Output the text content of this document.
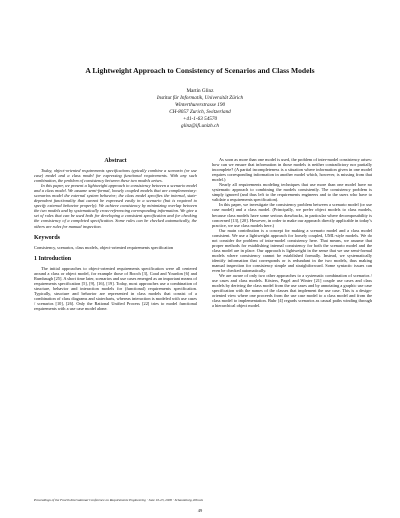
A Lightweight Approach to Consistency of Scenarios and Class Models
Martin Glinz
Institut für Informatik, Universität Zürich
Winterthurerstrasse 190
CH-8057 Zurich, Switzerland
+41-1-63 54570
glinz@ifi.unizh.ch
Abstract

Today, object-oriented requirements specifications typically combine a scenario (or use case) model and a class model for expressing functional requirements. With any such combination, the problem of consistency between these two models arises.

In this paper, we present a lightweight approach to consistency between a scenario model and a class model. We assume semi-formal, loosely coupled models that are complementary: scenarios model the external system behavior; the class model specifies the internal, state-dependent functionality that cannot be expressed easily in a scenario (but is required to specify external behavior properly). We achieve consistency by minimizing overlap between the two models and by systematically cross-referencing corresponding information. We give a set of rules that can be used both for developing a consistent specification and for checking the consistency of a completed specification. Some rules can be checked automatically, the others are rules for manual inspection.

Keywords

Consistency, scenarios, class models, object-oriented requirements specification

1 Introduction

The initial approaches to object-oriented requirements specification were all centered around a class or object model, for example those of Booch [3], Coad and Yourdon [6] and Rumbaugh [25]. A short time later, scenarios and use cases emerged as an important means of requirements specification [5], [9], [16], [19]. Today, most approaches use a combination of structure, behavior and interaction models for (functional) requirements specification. Typically, structure and behavior are represented in class models that consist of a combination of class diagrams and statecharts, whereas interaction is modeled with use cases / scenarios [10], [26]. Only the Rational Unified Process [22] tries to model functional requirements with a use case model alone.

As soon as more than one model is used, the problem of inter-model consistency arises: how can we ensure that information in those models is neither contradictory nor partially incomplete? (A partial incompleteness is a situation where information given in one model requires corresponding information in another model which, however, is missing from that model.)

Nearly all requirements modeling techniques that use more than one model have no systematic approach to combining the models consistently. The consistency problem is simply ignored (and thus left to the requirements engineers and to the users who have to validate a requirements specification).

In this paper, we investigate the consistency problem between a scenario model (or use case model) and a class model. (Principally, we prefer object models to class models, because class models have some serious drawbacks, in particular where decomposability is concerned [13], [20]. However, in order to make our approach directly applicable in today’s practice, we use class models here.)

Our main contribution is a concept for making a scenario model and a class model consistent. We use a lightweight approach for loosely coupled, UML-style models. We do not consider the problem of intra-model consistency here. That means, we assume that proper methods for establishing internal consistency for both the scenario model and the class model are in place. Our approach is lightweight in the sense that we use semi-formal models where consistency cannot be established formally. Instead, we systematically identify information that corresponds or is redundant in the two models, thus making manual inspection for consistency simple and straightforward. Some syntactic issues can even be checked automatically.

We are aware of only two other approaches to a systematic combination of scenarios / use cases and class models. Kösters, Pagel and Winter [21] couple use cases and class models by deriving the class model from the use cases and by annotating a graphic use case specification with the names of the classes that implement the use case. This is a design-oriented view where one proceeds from the use case model to a class model and from the class model to implementation. Buhr [4] regards scenarios as causal paths winding through a hierarchical object model.

Proceedings of the Fourth International Conference on Requirements Engineering · June 10-23, 2000 · Schaumburg, Illinois
49
